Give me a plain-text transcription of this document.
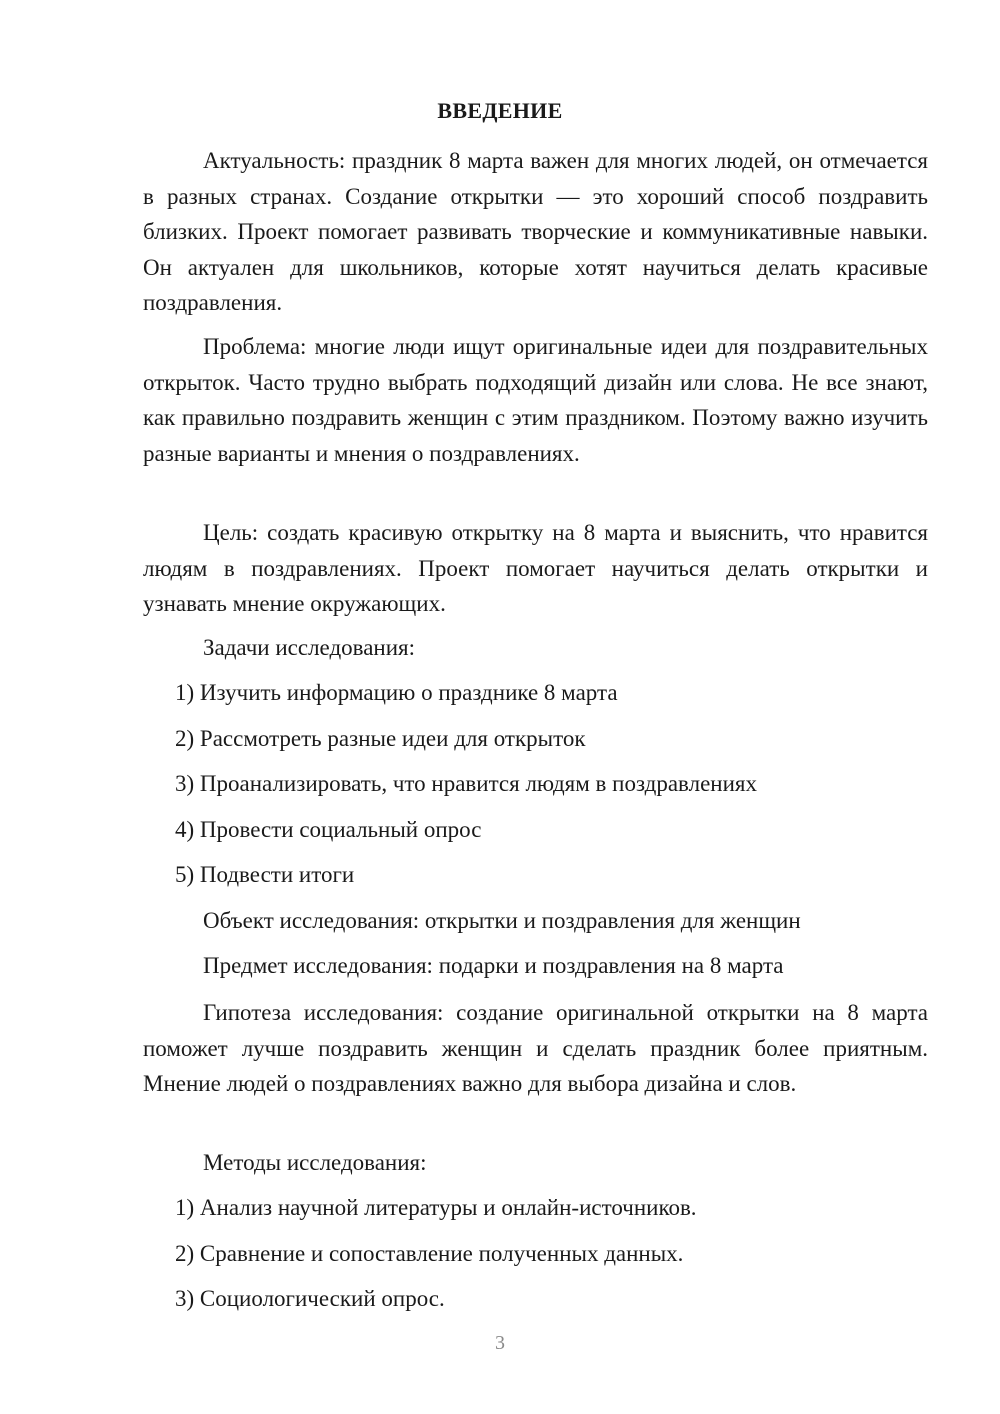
ВВЕДЕНИЕ

Актуальность: праздник 8 марта важен для многих людей, он отмечается в разных странах. Создание открытки — это хороший способ поздравить близких. Проект помогает развивать творческие и коммуникативные навыки. Он актуален для школьников, которые хотят научиться делать красивые поздравления.

Проблема: многие люди ищут оригинальные идеи для поздравительных открыток. Часто трудно выбрать подходящий дизайн или слова. Не все знают, как правильно поздравить женщин с этим праздником. Поэтому важно изучить разные варианты и мнения о поздравлениях.

Цель: создать красивую открытку на 8 марта и выяснить, что нравится людям в поздравлениях. Проект помогает научиться делать открытки и узнавать мнение окружающих.

Задачи исследования:

1) Изучить информацию о празднике 8 марта

2) Рассмотреть разные идеи для открыток

3) Проанализировать, что нравится людям в поздравлениях

4) Провести социальный опрос

5) Подвести итоги

Объект исследования: открытки и поздравления для женщин

Предмет исследования: подарки и поздравления на 8 марта

Гипотеза исследования: создание оригинальной открытки на 8 марта поможет лучше поздравить женщин и сделать праздник более приятным. Мнение людей о поздравлениях важно для выбора дизайна и слов.

Методы исследования:

1) Анализ научной литературы и онлайн-источников.

2) Сравнение и сопоставление полученных данных.

3) Социологический опрос.

3
